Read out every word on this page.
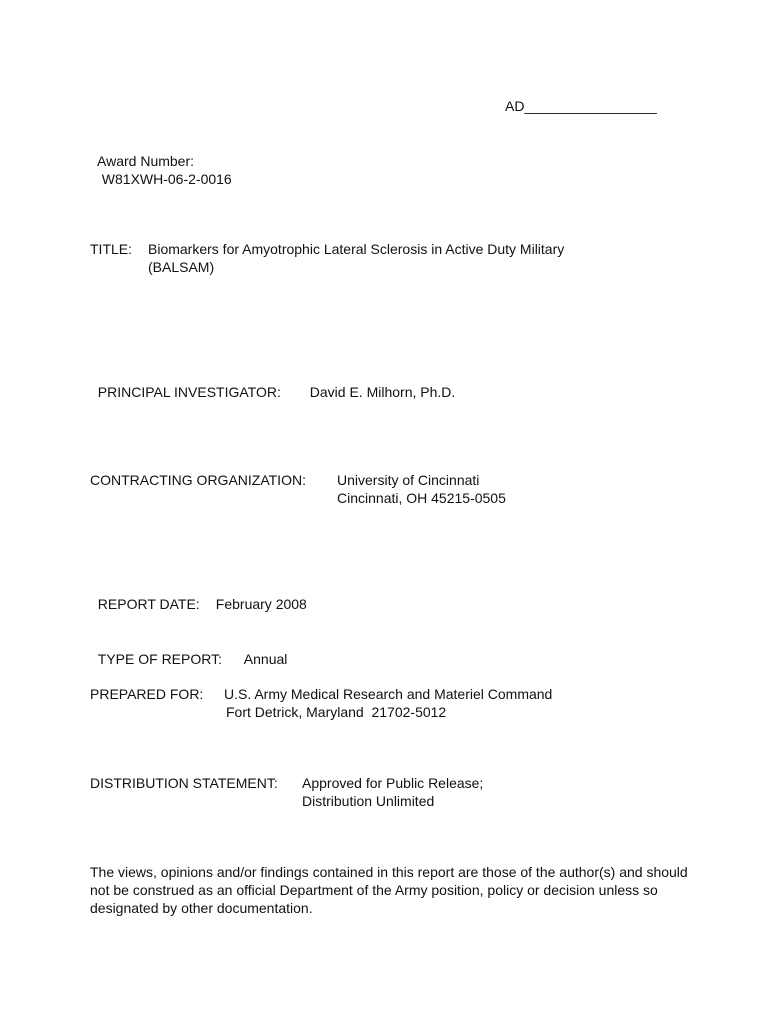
AD_________________

Award Number:
W81XWH-06-2-0016

TITLE:	Biomarkers for Amyotrophic Lateral Sclerosis in Active Duty Military
(BALSAM)

PRINCIPAL INVESTIGATOR: David E. Milhorn, Ph.D.

CONTRACTING ORGANIZATION:	University of Cincinnati
Cincinnati, OH 45215-0505

REPORT DATE: February 2008

TYPE OF REPORT: Annual

PREPARED FOR:	U.S. Army Medical Research and Materiel Command
Fort Detrick, Maryland  21702-5012
DISTRIBUTION STATEMENT:	Approved for Public Release;
Distribution Unlimited
The views, opinions and/or findings contained in this report are those of the author(s) and should not be construed as an official Department of the Army position, policy or decision unless so designated by other documentation.
